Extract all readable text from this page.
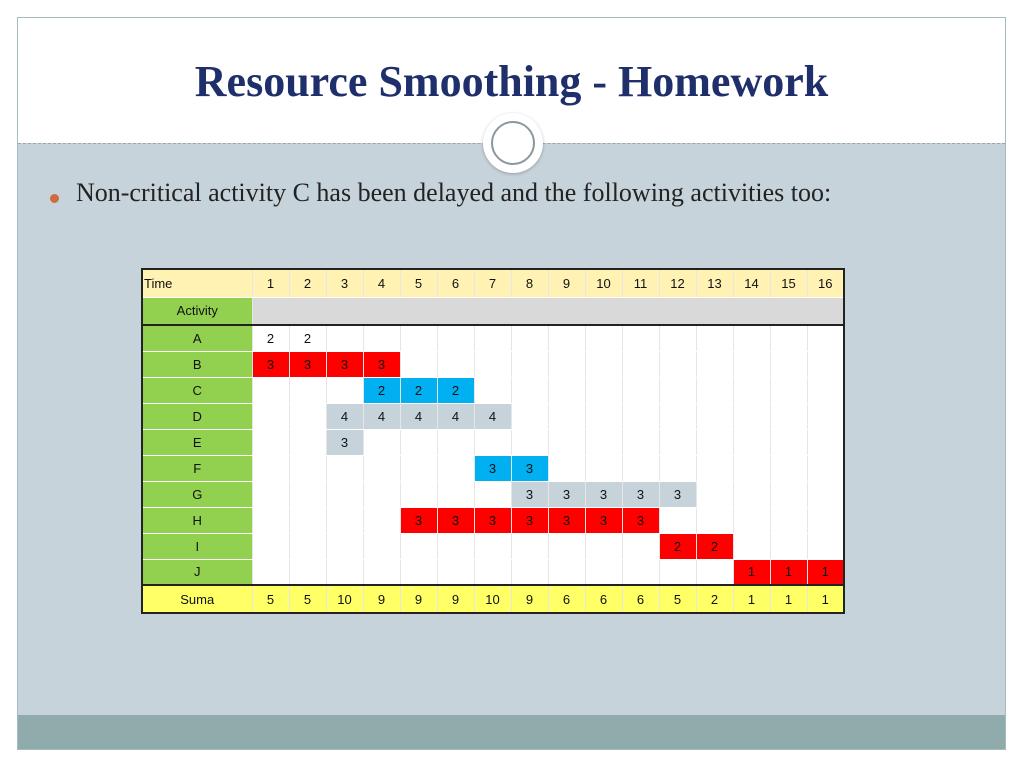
Resource Smoothing - Homework
Non-critical activity C has been delayed and the following activities too:
Time	1	2	3	4	5	6	7	8	9	10	11	12	13	14	15	16
Activity																
A	2	2														
B	3	3	3	3												
C				2	2	2										
D			4	4	4	4	4									
E			3													
F							3	3								
G								3	3	3	3	3				
H					3	3	3	3	3	3	3					
I												2	2			
J														1	1	1
Suma	5	5	10	9	9	9	10	9	6	6	6	5	2	1	1	1
